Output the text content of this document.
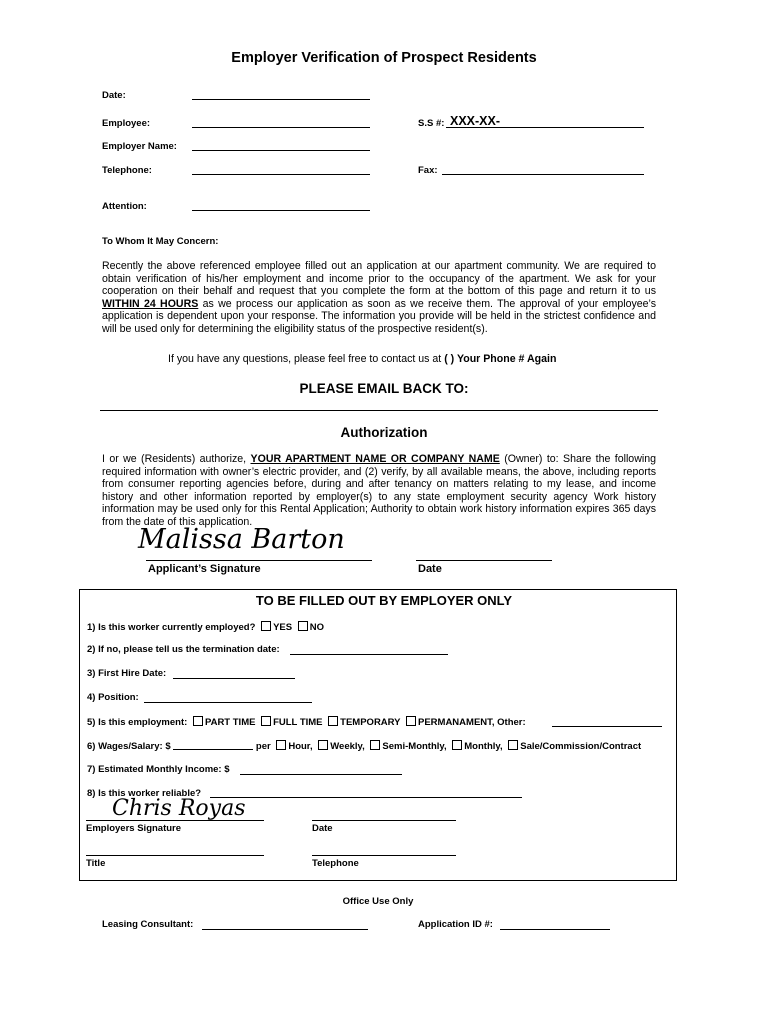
Employer Verification of Prospect Residents
Date:
Employee:	S.S #: XXX-XX-
Employer Name:
Telephone:	Fax:
Attention:
To Whom It May Concern:
Recently the above referenced employee filled out an application at our apartment community. We are required to obtain verification of his/her employment and income prior to the occupancy of the apartment. We ask for your cooperation on their behalf and request that you complete the form at the bottom of this page and return it to us WITHIN 24 HOURS as we process our application as soon as we receive them. The approval of your employee’s application is dependent upon your response. The information you provide will be held in the strictest confidence and will be used only for determining the eligibility status of the prospective resident(s).
If you have any questions, please feel free to contact us at ( ) Your Phone # Again
PLEASE EMAIL BACK TO:
Authorization
I or we (Residents) authorize, YOUR APARTMENT NAME OR COMPANY NAME (Owner) to: Share the following required information with owner’s electric provider, and (2) verify, by all available means, the above, including reports from consumer reporting agencies before, during and after tenancy on matters relating to my lease, and income history and other information reported by employer(s) to any state employment security agency Work history information may be used only for this Rental Application; Authority to obtain work history information expires 365 days from the date of this application.
Malissa Barton
Applicant’s Signature	Date
TO BE FILLED OUT BY EMPLOYER ONLY
1) Is this worker currently employed? YES NO
2) If no, please tell us the termination date:
3) First Hire Date:
4) Position:
5) Is this employment: PART TIME FULL TIME TEMPORARY PERMANAMENT, Other:
6) Wages/Salary: $	per Hour, Weekly, Semi-Monthly, Monthly, Sale/Commission/Contract
7) Estimated Monthly Income: $
8) Is this worker reliable?
Chris Royas
Employers Signature	Date
Title	Telephone
Office Use Only
Leasing Consultant:	Application ID #:
